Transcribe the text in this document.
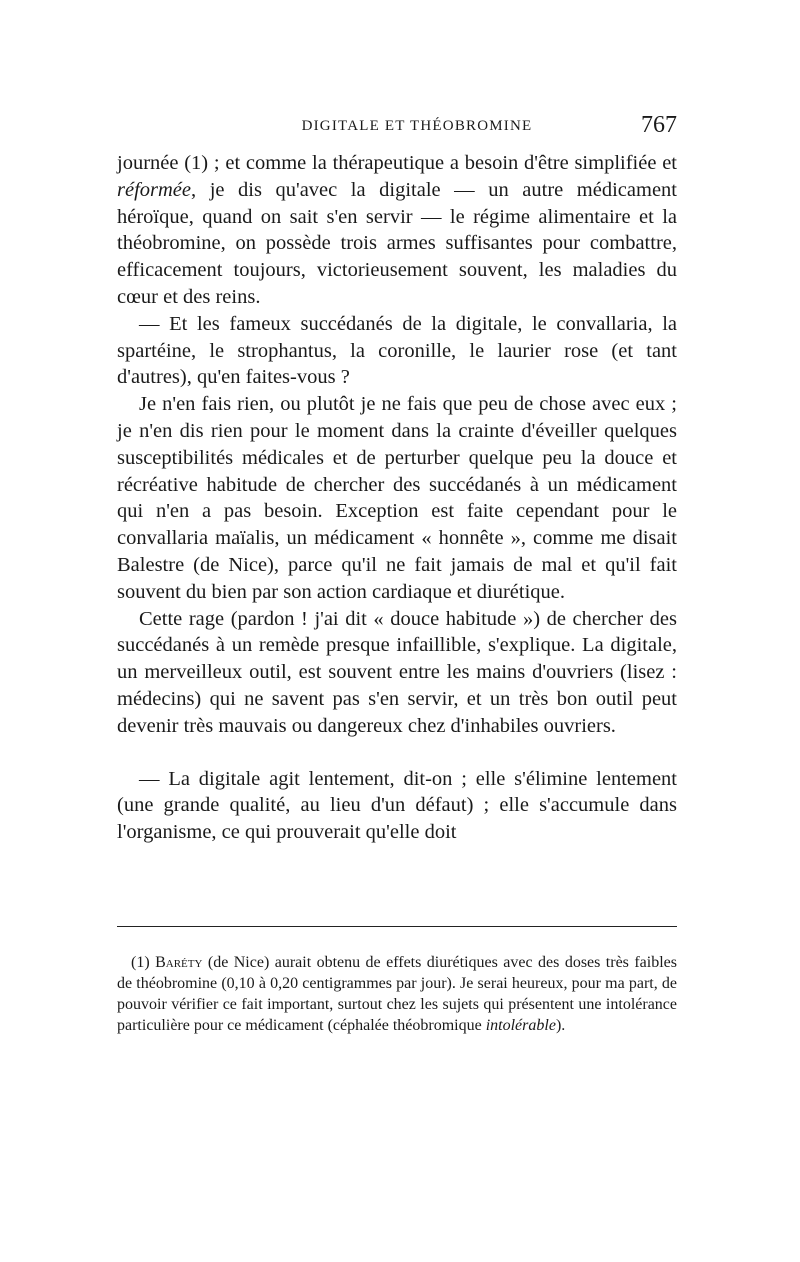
DIGITALE ET THÉOBROMINE	767

journée (1) ; et comme la thérapeutique a besoin d'être simplifiée et réformée, je dis qu'avec la digitale — un autre médicament héroïque, quand on sait s'en servir — le régime alimentaire et la théobromine, on possède trois armes suffisantes pour combattre, efficacement toujours, victorieusement souvent, les maladies du cœur et des reins.

— Et les fameux succédanés de la digitale, le convallaria, la spartéine, le strophantus, la coronille, le laurier rose (et tant d'autres), qu'en faites-vous ?

Je n'en fais rien, ou plutôt je ne fais que peu de chose avec eux ; je n'en dis rien pour le moment dans la crainte d'éveiller quelques susceptibilités médicales et de perturber quelque peu la douce et récréative habitude de chercher des succédanés à un médicament qui n'en a pas besoin. Exception est faite cependant pour le convallaria maïalis, un médicament « honnête », comme me disait Balestre (de Nice), parce qu'il ne fait jamais de mal et qu'il fait souvent du bien par son action cardiaque et diurétique.

Cette rage (pardon ! j'ai dit « douce habitude ») de chercher des succédanés à un remède presque infaillible, s'explique. La digitale, un merveilleux outil, est souvent entre les mains d'ouvriers (lisez : médecins) qui ne savent pas s'en servir, et un très bon outil peut devenir très mauvais ou dangereux chez d'inhabiles ouvriers.

— La digitale agit lentement, dit-on ; elle s'élimine lentement (une grande qualité, au lieu d'un défaut) ; elle s'accumule dans l'organisme, ce qui prouverait qu'elle doit

(1) Baréty (de Nice) aurait obtenu de effets diurétiques avec des doses très faibles de théobromine (0,10 à 0,20 centigrammes par jour). Je serai heureux, pour ma part, de pouvoir vérifier ce fait important, surtout chez les sujets qui présentent une intolérance particulière pour ce médicament (céphalée théobromique intolérable).
